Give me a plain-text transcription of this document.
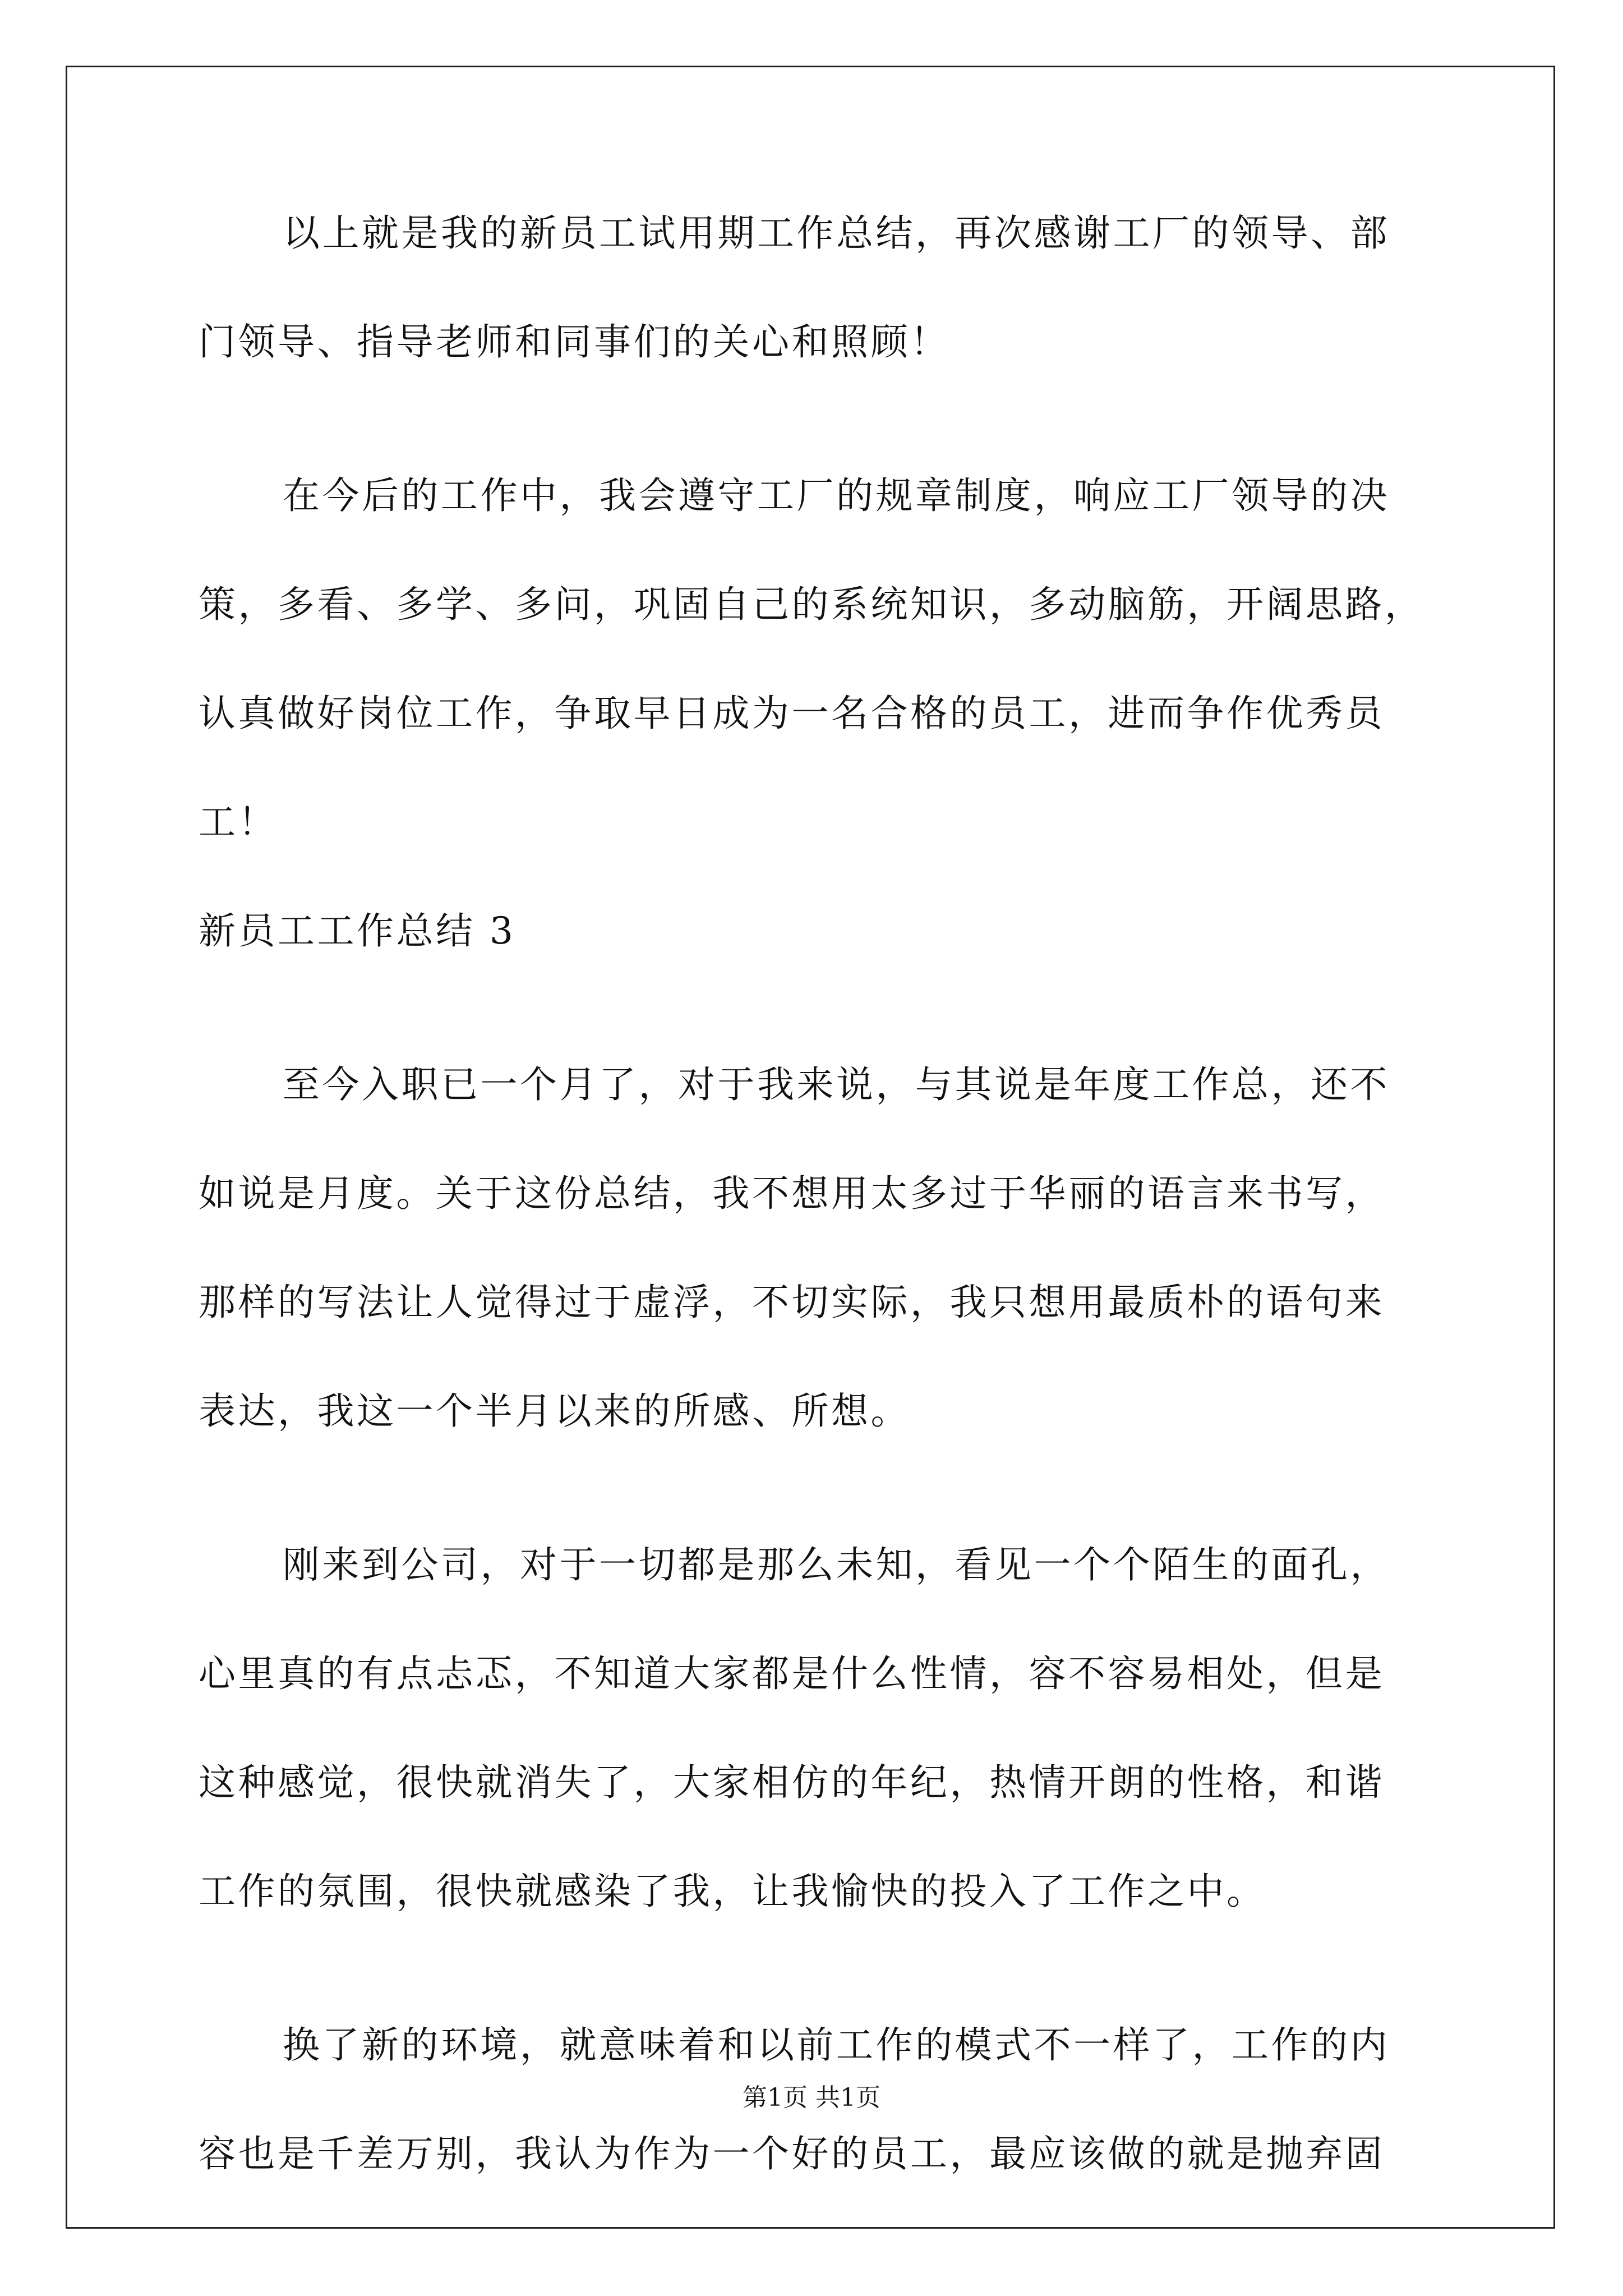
以上就是我的新员工试用期工作总结，再次感谢工厂的领导、部
门领导、指导老师和同事们的关心和照顾！
在今后的工作中，我会遵守工厂的规章制度，响应工厂领导的决
策，多看、多学、多问，巩固自己的系统知识，多动脑筋，开阔思路，
认真做好岗位工作，争取早日成为一名合格的员工，进而争作优秀员
工！
新员工工作总结 3
至今入职已一个月了，对于我来说，与其说是年度工作总，还不
如说是月度。关于这份总结，我不想用太多过于华丽的语言来书写，
那样的写法让人觉得过于虚浮，不切实际，我只想用最质朴的语句来
表达，我这一个半月以来的所感、所想。
刚来到公司，对于一切都是那么未知，看见一个个陌生的面孔，
心里真的有点忐忑，不知道大家都是什么性情，容不容易相处，但是
这种感觉，很快就消失了，大家相仿的年纪，热情开朗的性格，和谐
工作的氛围，很快就感染了我，让我愉快的投入了工作之中。
换了新的环境，就意味着和以前工作的模式不一样了，工作的内
容也是千差万别，我认为作为一个好的员工，最应该做的就是抛弃固
第1页 共1页
